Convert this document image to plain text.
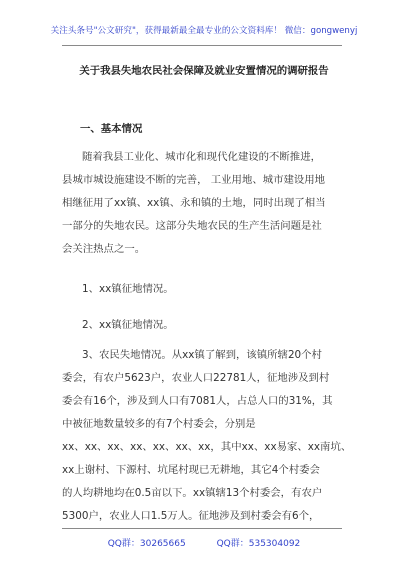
关注头条号"公文研究"，获得最新最全最专业的公文资料库！ 微信：gongwenyj
关于我县失地农民社会保障及就业安置情况的调研报告
一、基本情况
随着我县工业化、城市化和现代化建设的不断推进，
县城市城设施建设不断的完善， 工业用地、城市建设用地
相继征用了xx镇、xx镇、永和镇的土地，同时出现了相当
一部分的失地农民。这部分失地农民的生产生活问题是社
会关注热点之一。
1、xx镇征地情况。
2、xx镇征地情况。
3、农民失地情况。从xx镇了解到，该镇所辖20个村
委会，有农户5623户，农业人口22781人，征地涉及到村
委会有16个，涉及到人口有7081人，占总人口的31%，其
中被征地数量较多的有7个村委会，分别是
xx、xx、xx、xx、xx、xx、xx，其中xx、xx易家、xx南坑、
xx上谢村、下源村、坑尾村现已无耕地，其它4个村委会
的人均耕地均在0.5亩以下。xx镇辖13个村委会，有农户
5300户，农业人口1.5万人。征地涉及到村委会有6个，
QQ群：30265665	QQ群：535304092
